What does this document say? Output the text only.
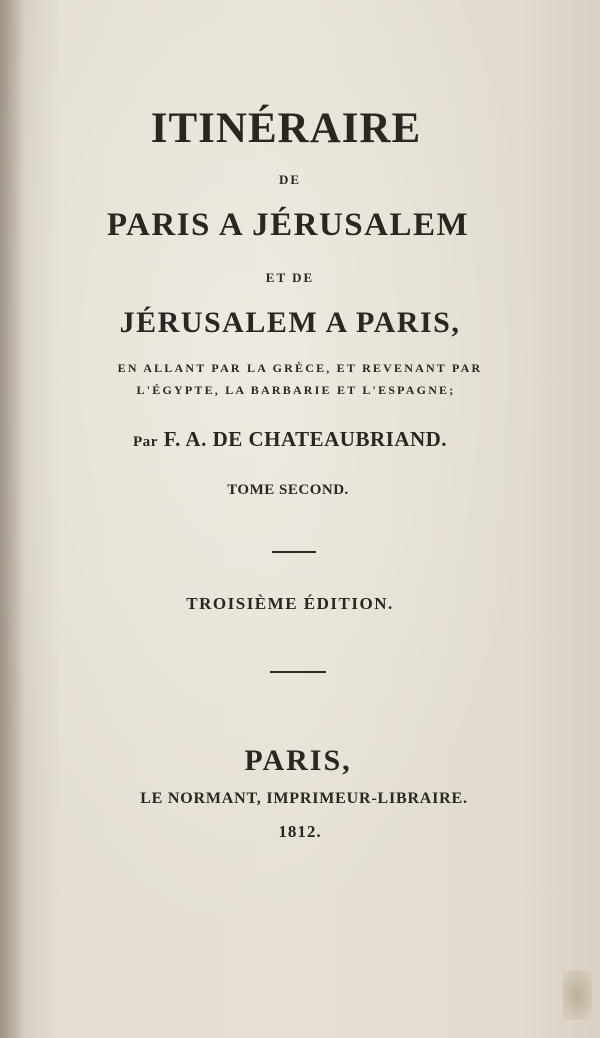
ITINÉRAIRE
DE
PARIS A JÉRUSALEM
ET DE
JÉRUSALEM A PARIS,
EN ALLANT PAR LA GRÈCE, ET REVENANT PAR
L'ÉGYPTE, LA BARBARIE ET L'ESPAGNE;
Par F. A. DE CHATEAUBRIAND.
TOME SECOND.
TROISIÈME ÉDITION.
PARIS,
LE NORMANT, IMPRIMEUR-LIBRAIRE.
1812.
